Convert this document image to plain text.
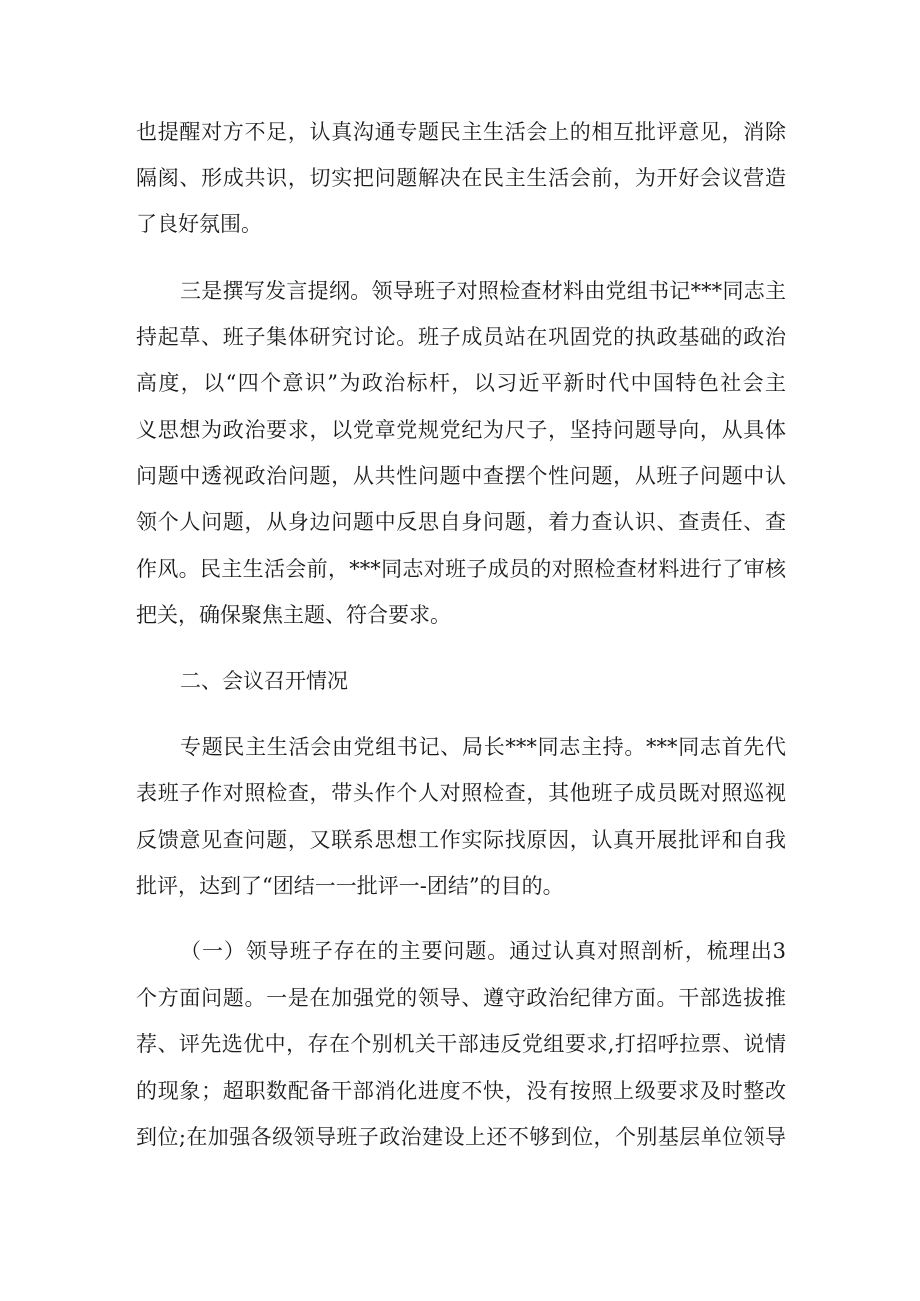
也提醒对方不足，认真沟通专题民主生活会上的相互批评意见，消除
隔阂、形成共识，切实把问题解决在民主生活会前，为开好会议营造
了良好氛围。
三是撰写发言提纲。领导班子对照检查材料由党组书记***同志主
持起草、班子集体研究讨论。班子成员站在巩固党的执政基础的政治
高度，以“四个意识”为政治标杆，以习近平新时代中国特色社会主
义思想为政治要求，以党章党规党纪为尺子，坚持问题导向，从具体
问题中透视政治问题，从共性问题中查摆个性问题，从班子问题中认
领个人问题，从身边问题中反思自身问题，着力查认识、查责任、查
作风。民主生活会前，***同志对班子成员的对照检查材料进行了审核
把关，确保聚焦主题、符合要求。
二、会议召开情况
专题民主生活会由党组书记、局长***同志主持。***同志首先代
表班子作对照检查，带头作个人对照检查，其他班子成员既对照巡视
反馈意见查问题，又联系思想工作实际找原因，认真开展批评和自我
批评，达到了“团结一一批评一-团结”的目的。
（一）领导班子存在的主要问题。通过认真对照剖析，梳理出3
个方面问题。一是在加强党的领导、遵守政治纪律方面。干部选拔推
荐、评先选优中，存在个别机关干部违反党组要求,打招呼拉票、说情
的现象；超职数配备干部消化进度不快，没有按照上级要求及时整改
到位;在加强各级领导班子政治建设上还不够到位，个别基层单位领导
